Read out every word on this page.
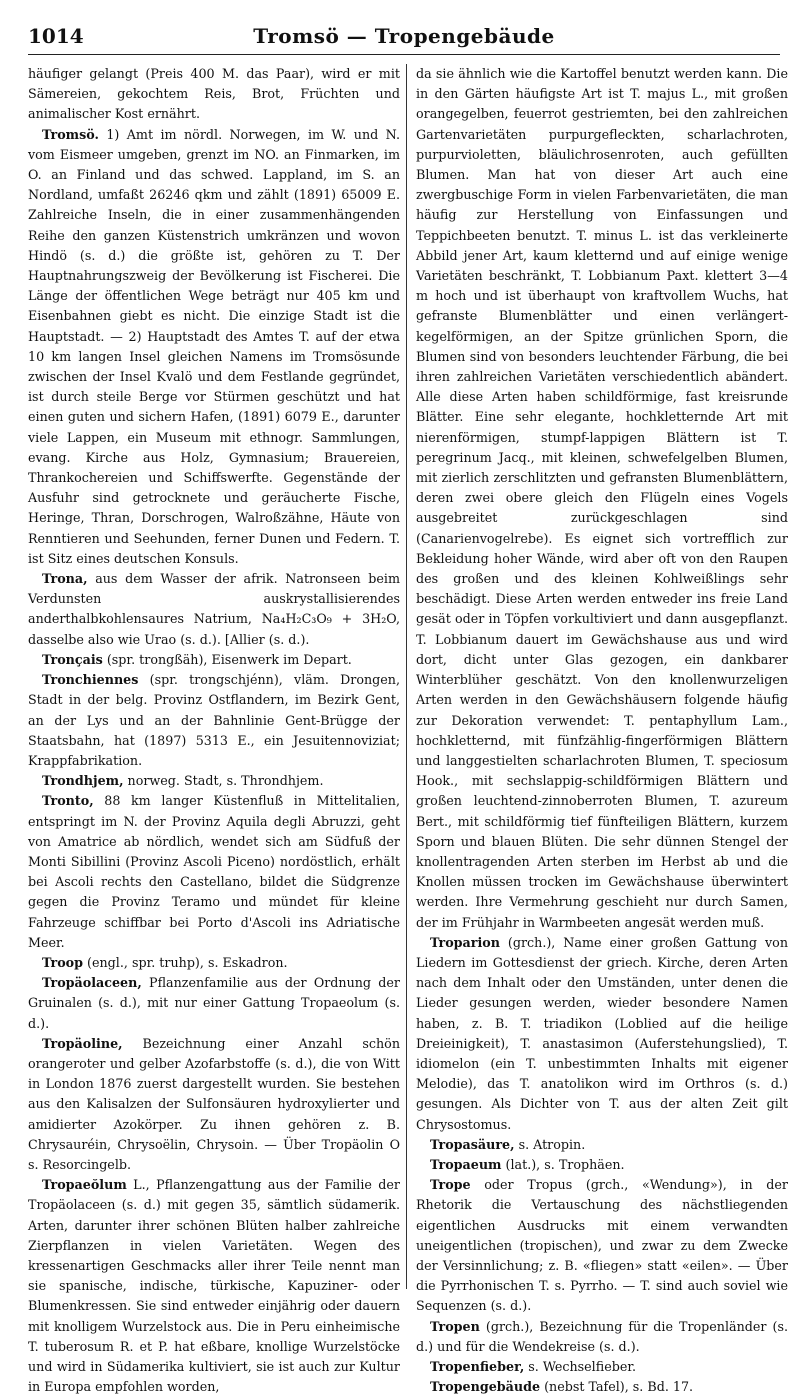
1014	Tromsö — Tropengebäude

häufiger gelangt (Preis 400 M. das Paar), wird er mit Sämereien, gekochtem Reis, Brot, Früchten und animalischer Kost ernährt.

Tromsö. 1) Amt im nördl. Norwegen, im W. und N. vom Eismeer umgeben, grenzt im NO. an Finmarken, im O. an Finland und das schwed. Lappland, im S. an Nordland, umfaßt 26246 qkm und zählt (1891) 65009 E. Zahlreiche Inseln, die in einer zusammenhängenden Reihe den ganzen Küstenstrich umkränzen und wovon Hindö (s. d.) die größte ist, gehören zu T. Der Hauptnahrungszweig der Bevölkerung ist Fischerei. Die Länge der öffentlichen Wege beträgt nur 405 km und Eisenbahnen giebt es nicht. Die einzige Stadt ist die Hauptstadt. — 2) Hauptstadt des Amtes T. auf der etwa 10 km langen Insel gleichen Namens im Tromsösunde zwischen der Insel Kvalö und dem Festlande gegründet, ist durch steile Berge vor Stürmen geschützt und hat einen guten und sichern Hafen, (1891) 6079 E., darunter viele Lappen, ein Museum mit ethnogr. Sammlungen, evang. Kirche aus Holz, Gymnasium; Brauereien, Thrankochereien und Schiffswerfte. Gegenstände der Ausfuhr sind getrocknete und geräucherte Fische, Heringe, Thran, Dorschrogen, Walroßzähne, Häute von Renntieren und Seehunden, ferner Dunen und Federn. T. ist Sitz eines deutschen Konsuls.

Trona, aus dem Wasser der afrik. Natronseen beim Verdunsten auskrystallisierendes anderthalbkohlensaures Natrium, Na₄H₂C₃O₉ + 3H₂O, dasselbe also wie Urao (s. d.). [Allier (s. d.).

Tronçais (spr. trongßäh), Eisenwerk im Depart.

Tronchiennes (spr. trongschjénn), vläm. Drongen, Stadt in der belg. Provinz Ostflandern, im Bezirk Gent, an der Lys und an der Bahnlinie Gent-Brügge der Staatsbahn, hat (1897) 5313 E., ein Jesuitennoviziat; Krappfabrikation.

Trondhjem, norweg. Stadt, s. Throndhjem.

Tronto, 88 km langer Küstenfluß in Mittelitalien, entspringt im N. der Provinz Aquila degli Abruzzi, geht von Amatrice ab nördlich, wendet sich am Südfuß der Monti Sibillini (Provinz Ascoli Piceno) nordöstlich, erhält bei Ascoli rechts den Castellano, bildet die Südgrenze gegen die Provinz Teramo und mündet für kleine Fahrzeuge schiffbar bei Porto d'Ascoli ins Adriatische Meer.

Troop (engl., spr. truhp), s. Eskadron.

Tropäolaceen, Pflanzenfamilie aus der Ordnung der Gruinalen (s. d.), mit nur einer Gattung Tropaeolum (s. d.).

Tropäoline, Bezeichnung einer Anzahl schön orangeroter und gelber Azofarbstoffe (s. d.), die von Witt in London 1876 zuerst dargestellt wurden. Sie bestehen aus den Kalisalzen der Sulfonsäuren hydroxylierter und amidierter Azokörper. Zu ihnen gehören z. B. Chrysauréin, Chrysoëlin, Chrysoin. — Über Tropäolin O s. Resorcingelb.

Tropaeŏlum L., Pflanzengattung aus der Familie der Tropäolaceen (s. d.) mit gegen 35, sämtlich südamerik. Arten, darunter ihrer schönen Blüten halber zahlreiche Zierpflanzen in vielen Varietäten. Wegen des kressenartigen Geschmacks aller ihrer Teile nennt man sie spanische, indische, türkische, Kapuziner- oder Blumenkressen. Sie sind entweder einjährig oder dauern mit knolligem Wurzelstock aus. Die in Peru einheimische T. tuberosum R. et P. hat eßbare, knollige Wurzelstöcke und wird in Südamerika kultiviert, sie ist auch zur Kultur in Europa empfohlen worden,

da sie ähnlich wie die Kartoffel benutzt werden kann. Die in den Gärten häufigste Art ist T. majus L., mit großen orangegelben, feuerrot gestriemten, bei den zahlreichen Gartenvarietäten purpurgefleckten, scharlachroten, purpurvioletten, bläulichrosenroten, auch gefüllten Blumen. Man hat von dieser Art auch eine zwergbuschige Form in vielen Farbenvarietäten, die man häufig zur Herstellung von Einfassungen und Teppichbeeten benutzt. T. minus L. ist das verkleinerte Abbild jener Art, kaum kletternd und auf einige wenige Varietäten beschränkt, T. Lobbianum Paxt. klettert 3—4 m hoch und ist überhaupt von kraftvollem Wuchs, hat gefranste Blumenblätter und einen verlängert-kegelförmigen, an der Spitze grünlichen Sporn, die Blumen sind von besonders leuchtender Färbung, die bei ihren zahlreichen Varietäten verschiedentlich abändert. Alle diese Arten haben schildförmige, fast kreisrunde Blätter. Eine sehr elegante, hochkletternde Art mit nierenförmigen, stumpf-lappigen Blättern ist T. peregrinum Jacq., mit kleinen, schwefelgelben Blumen, mit zierlich zerschlitzten und gefransten Blumenblättern, deren zwei obere gleich den Flügeln eines Vogels ausgebreitet zurückgeschlagen sind (Canarienvogelrebe). Es eignet sich vortrefflich zur Bekleidung hoher Wände, wird aber oft von den Raupen des großen und des kleinen Kohlweißlings sehr beschädigt. Diese Arten werden entweder ins freie Land gesät oder in Töpfen vorkultiviert und dann ausgepflanzt. T. Lobbianum dauert im Gewächshause aus und wird dort, dicht unter Glas gezogen, ein dankbarer Winterblüher geschätzt. Von den knollenwurzeligen Arten werden in den Gewächshäusern folgende häufig zur Dekoration verwendet: T. pentaphyllum Lam., hochkletternd, mit fünfzählig-fingerförmigen Blättern und langgestielten scharlachroten Blumen, T. speciosum Hook., mit sechslappig-schildförmigen Blättern und großen leuchtend-zinnoberroten Blumen, T. azureum Bert., mit schildförmig tief fünfteiligen Blättern, kurzem Sporn und blauen Blüten. Die sehr dünnen Stengel der knollentragenden Arten sterben im Herbst ab und die Knollen müssen trocken im Gewächshause überwintert werden. Ihre Vermehrung geschieht nur durch Samen, der im Frühjahr in Warmbeeten angesät werden muß.

Troparion (grch.), Name einer großen Gattung von Liedern im Gottesdienst der griech. Kirche, deren Arten nach dem Inhalt oder den Umständen, unter denen die Lieder gesungen werden, wieder besondere Namen haben, z. B. T. triadikon (Loblied auf die heilige Dreieinigkeit), T. anastasimon (Auferstehungslied), T. idiomelon (ein T. unbestimmten Inhalts mit eigener Melodie), das T. anatolikon wird im Orthros (s. d.) gesungen. Als Dichter von T. aus der alten Zeit gilt Chrysostomus.

Tropasäure, s. Atropin.

Tropaeum (lat.), s. Trophäen.

Trope oder Tropus (grch., «Wendung»), in der Rhetorik die Vertauschung des nächstliegenden eigentlichen Ausdrucks mit einem verwandten uneigentlichen (tropischen), und zwar zu dem Zwecke der Versinnlichung; z. B. «fliegen» statt «eilen». — Über die Pyrrhonischen T. s. Pyrrho. — T. sind auch soviel wie Sequenzen (s. d.).

Tropen (grch.), Bezeichnung für die Tropenländer (s. d.) und für die Wendekreise (s. d.).

Tropenfieber, s. Wechselfieber.

Tropengebäude (nebst Tafel), s. Bd. 17.
